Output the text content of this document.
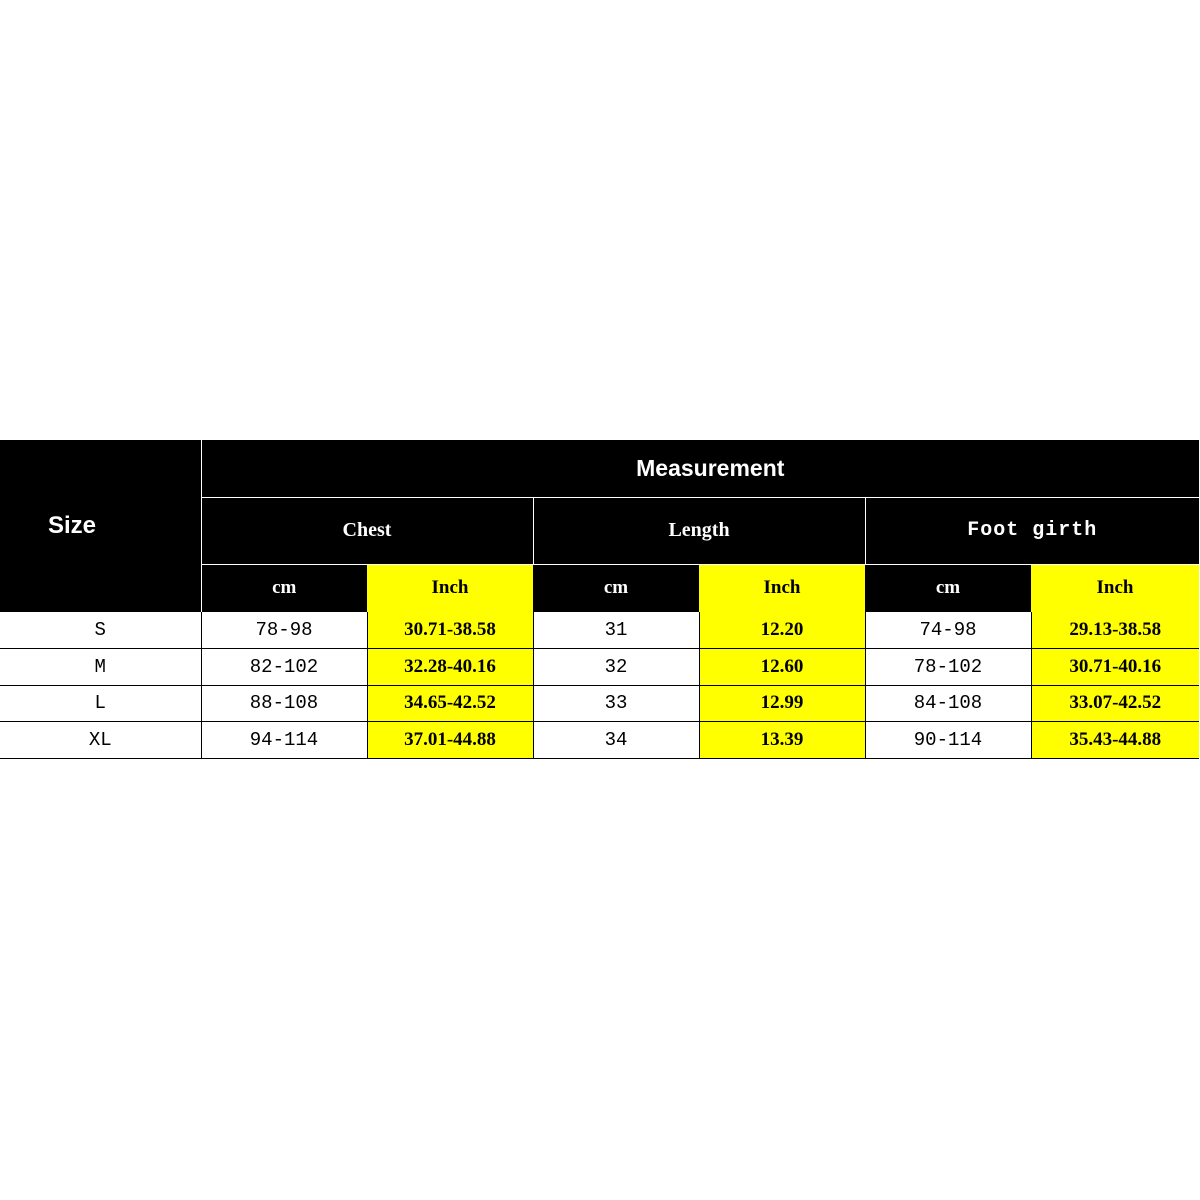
Size	Measurement					
	Chest		Length		Foot girth	
	cm	Inch	cm	Inch	cm	Inch
S	78-98	30.71-38.58	31	12.20	74-98	29.13-38.58
M	82-102	32.28-40.16	32	12.60	78-102	30.71-40.16
L	88-108	34.65-42.52	33	12.99	84-108	33.07-42.52
XL	94-114	37.01-44.88	34	13.39	90-114	35.43-44.88
